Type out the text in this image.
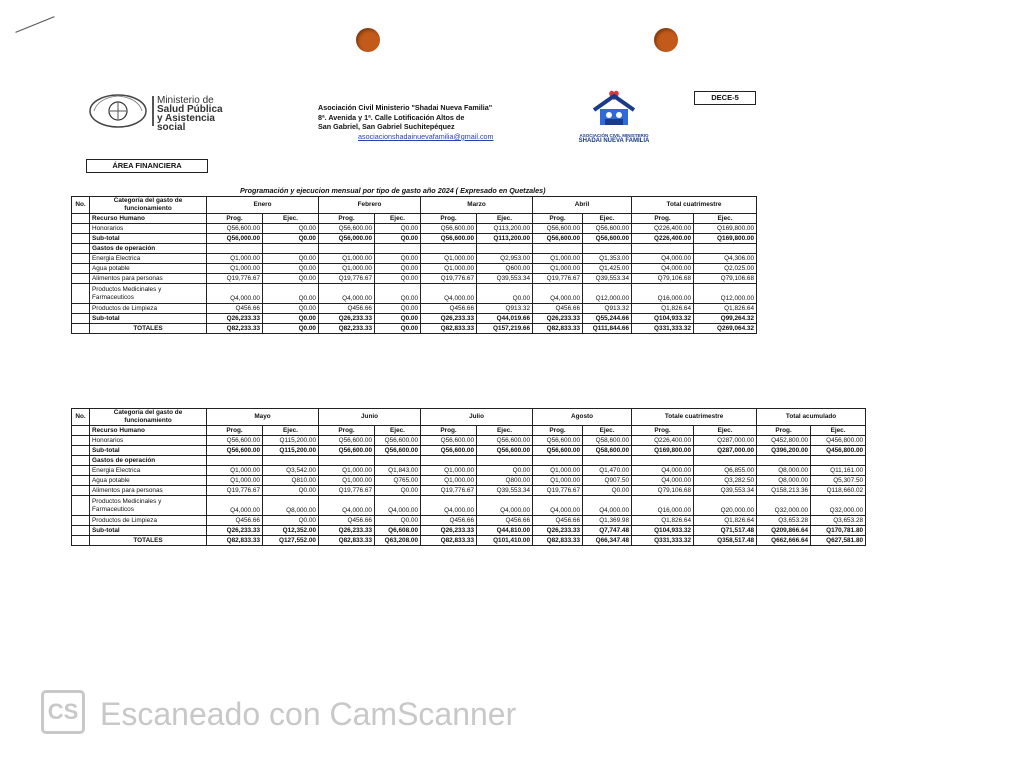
Ministerio de
Salud Pública
y Asistencia
social
Asociación Civil Ministerio "Shadai Nueva Familia"
8ª. Avenida y 1ª. Calle Lotificación Altos de
San Gabriel, San Gabriel Suchitepéquez
asociacionshadainuevafamilia@gmail.com	ASOCIACIÓN CIVIL MINISTERIO
SHADAI NUEVA FAMILIA
DECE-5
ÁREA FINANCIERA
Programación y ejecucion mensual por tipo de gasto año 2024 ( Expresado en Quetzales)
No.	Categoría del gasto de funcionamiento	Enero		Febrero		Marzo		Abril		Total cuatrimestre	

	Recurso Humano	Prog.	Ejec.	Prog.	Ejec.	Prog.	Ejec.	Prog.	Ejec.	Prog.	Ejec.
	Honorarios	Q56,600.00	Q0.00	Q56,600.00	Q0.00	Q56,600.00	Q113,200.00	Q56,600.00	Q56,600.00	Q226,400.00	Q169,800.00
	Sub-total	Q56,000.00	Q0.00	Q56,000.00	Q0.00	Q56,600.00	Q113,200.00	Q56,600.00	Q56,600.00	Q226,400.00	Q169,800.00
	Gastos de operación										
	Energia Electrica	Q1,000.00	Q0.00	Q1,000.00	Q0.00	Q1,000.00	Q2,953.00	Q1,000.00	Q1,353.00	Q4,000.00	Q4,306.00
	Agua potable	Q1,000.00	Q0.00	Q1,000.00	Q0.00	Q1,000.00	Q600.00	Q1,000.00	Q1,425.00	Q4,000.00	Q2,025.00
	Alimentos para personas	Q19,776.67	Q0.00	Q19,776.67	Q0.00	Q19,776.67	Q39,553.34	Q19,776.67	Q39,553.34	Q79,106.68	Q79,106.68
	Productos Medicinales y Farmaceuticos	Q4,000.00	Q0.00	Q4,000.00	Q0.00	Q4,000.00	Q0.00	Q4,000.00	Q12,000.00	Q16,000.00	Q12,000.00
	Productos de Limpieza	Q456.66	Q0.00	Q456.66	Q0.00	Q456.66	Q913.32	Q456.66	Q913.32	Q1,826.64	Q1,826.64
	Sub-total	Q26,233.33	Q0.00	Q26,233.33	Q0.00	Q26,233.33	Q44,019.66	Q26,233.33	Q55,244.66	Q104,933.32	Q99,264.32
	TOTALES	Q82,233.33	Q0.00	Q82,233.33	Q0.00	Q82,833.33	Q157,219.66	Q82,833.33	Q111,844.66	Q331,333.32	Q269,064.32
No.	Categoría del gasto de funcionamiento	Mayo		Junio		Julio		Agosto		Totale cuatrimestre		Total acumulado	

	Recurso Humano	Prog.	Ejec.	Prog.	Ejec.	Prog.	Ejec.	Prog.	Ejec.	Prog.	Ejec.	Prog.	Ejec.
	Honorarios	Q56,600.00	Q115,200.00	Q56,600.00	Q56,600.00	Q56,600.00	Q56,600.00	Q56,600.00	Q58,600.00	Q226,400.00	Q287,000.00	Q452,800.00	Q456,800.00
	Sub-total	Q56,600.00	Q115,200.00	Q56,600.00	Q56,600.00	Q56,600.00	Q56,600.00	Q56,600.00	Q58,600.00	Q169,800.00	Q287,000.00	Q396,200.00	Q456,800.00
	Gastos de operación												
	Energia Electrica	Q1,000.00	Q3,542.00	Q1,000.00	Q1,843.00	Q1,000.00	Q0.00	Q1,000.00	Q1,470.00	Q4,000.00	Q6,855.00	Q8,000.00	Q11,161.00
	Agua potable	Q1,000.00	Q810.00	Q1,000.00	Q765.00	Q1,000.00	Q800.00	Q1,000.00	Q907.50	Q4,000.00	Q3,282.50	Q8,000.00	Q5,307.50
	Alimentos para personas	Q19,776.67	Q0.00	Q19,776.67	Q0.00	Q19,776.67	Q39,553.34	Q19,776.67	Q0.00	Q79,106.68	Q39,553.34	Q158,213.36	Q118,660.02
	Productos Medicinales y Farmaceuticos	Q4,000.00	Q8,000.00	Q4,000.00	Q4,000.00	Q4,000.00	Q4,000.00	Q4,000.00	Q4,000.00	Q16,000.00	Q20,000.00	Q32,000.00	Q32,000.00
	Productos de Limpieza	Q456.66	Q0.00	Q456.66	Q0.00	Q456.66	Q456.66	Q456.66	Q1,369.98	Q1,826.64	Q1,826.64	Q3,653.28	Q3,653.28
	Sub-total	Q26,233.33	Q12,352.00	Q26,233.33	Q6,608.00	Q26,233.33	Q44,810.00	Q26,233.33	Q7,747.48	Q104,933.32	Q71,517.48	Q209,866.64	Q170,781.80
	TOTALES	Q82,833.33	Q127,552.00	Q82,833.33	Q63,208.00	Q82,833.33	Q101,410.00	Q82,833.33	Q66,347.48	Q331,333.32	Q358,517.48	Q662,666.64	Q627,581.80
CS Escaneado con CamScanner
